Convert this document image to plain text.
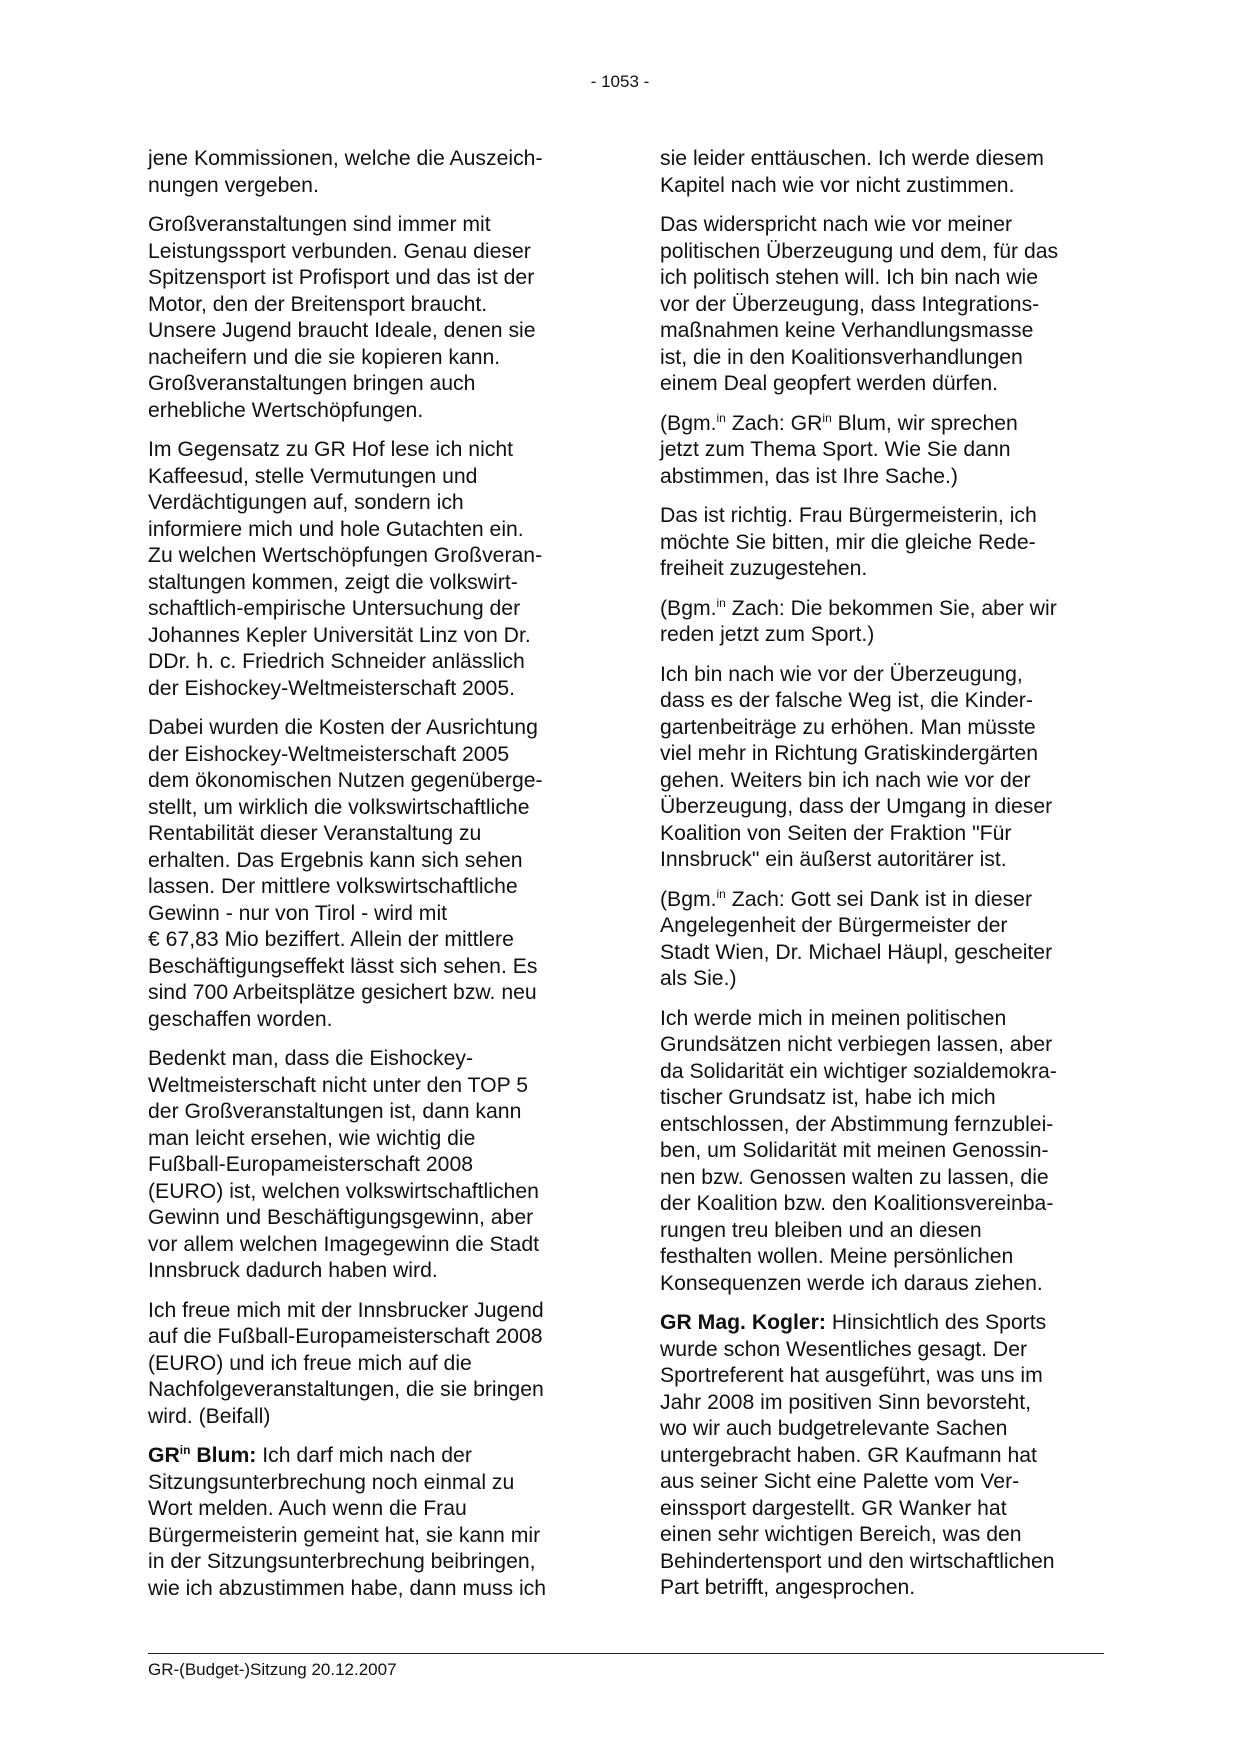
- 1053 -

jene Kommissionen, welche die Auszeich-
nungen vergeben.

Großveranstaltungen sind immer mit
Leistungssport verbunden. Genau dieser
Spitzensport ist Profisport und das ist der
Motor, den der Breitensport braucht.
Unsere Jugend braucht Ideale, denen sie
nacheifern und die sie kopieren kann.
Großveranstaltungen bringen auch
erhebliche Wertschöpfungen.

Im Gegensatz zu GR Hof lese ich nicht
Kaffeesud, stelle Vermutungen und
Verdächtigungen auf, sondern ich
informiere mich und hole Gutachten ein.
Zu welchen Wertschöpfungen Großveran-
staltungen kommen, zeigt die volkswirt-
schaftlich-empirische Untersuchung der
Johannes Kepler Universität Linz von Dr.
DDr. h. c. Friedrich Schneider anlässlich
der Eishockey-Weltmeisterschaft 2005.

Dabei wurden die Kosten der Ausrichtung
der Eishockey-Weltmeisterschaft 2005
dem ökonomischen Nutzen gegenüberge-
stellt, um wirklich die volkswirtschaftliche
Rentabilität dieser Veranstaltung zu
erhalten. Das Ergebnis kann sich sehen
lassen. Der mittlere volkswirtschaftliche
Gewinn - nur von Tirol - wird mit
€ 67,83 Mio beziffert. Allein der mittlere
Beschäftigungseffekt lässt sich sehen. Es
sind 700 Arbeitsplätze gesichert bzw. neu
geschaffen worden.

Bedenkt man, dass die Eishockey-
Weltmeisterschaft nicht unter den TOP 5
der Großveranstaltungen ist, dann kann
man leicht ersehen, wie wichtig die
Fußball-Europameisterschaft 2008
(EURO) ist, welchen volkswirtschaftlichen
Gewinn und Beschäftigungsgewinn, aber
vor allem welchen Imagegewinn die Stadt
Innsbruck dadurch haben wird.

Ich freue mich mit der Innsbrucker Jugend
auf die Fußball-Europameisterschaft 2008
(EURO) und ich freue mich auf die
Nachfolgeveranstaltungen, die sie bringen
wird. (Beifall)

$GR^{in}$ Blum: Ich darf mich nach der
Sitzungsunterbrechung noch einmal zu
Wort melden. Auch wenn die Frau
Bürgermeisterin gemeint hat, sie kann mir
in der Sitzungsunterbrechung beibringen,
wie ich abzustimmen habe, dann muss ich

sie leider enttäuschen. Ich werde diesem
Kapitel nach wie vor nicht zustimmen.

Das widerspricht nach wie vor meiner
politischen Überzeugung und dem, für das
ich politisch stehen will. Ich bin nach wie
vor der Überzeugung, dass Integrations-
maßnahmen keine Verhandlungsmasse
ist, die in den Koalitionsverhandlungen
einem Deal geopfert werden dürfen.

(Bgm.$^{in}$ Zach: $GR^{in}$ Blum, wir sprechen
jetzt zum Thema Sport. Wie Sie dann
abstimmen, das ist Ihre Sache.)

Das ist richtig. Frau Bürgermeisterin, ich
möchte Sie bitten, mir die gleiche Rede-
freiheit zuzugestehen.

(Bgm.$^{in}$ Zach: Die bekommen Sie, aber wir
reden jetzt zum Sport.)

Ich bin nach wie vor der Überzeugung,
dass es der falsche Weg ist, die Kinder-
gartenbeiträge zu erhöhen. Man müsste
viel mehr in Richtung Gratiskindergärten
gehen. Weiters bin ich nach wie vor der
Überzeugung, dass der Umgang in dieser
Koalition von Seiten der Fraktion "Für
Innsbruck" ein äußerst autoritärer ist.

(Bgm.$^{in}$ Zach: Gott sei Dank ist in dieser
Angelegenheit der Bürgermeister der
Stadt Wien, Dr. Michael Häupl, gescheiter
als Sie.)

Ich werde mich in meinen politischen
Grundsätzen nicht verbiegen lassen, aber
da Solidarität ein wichtiger sozialdemokra-
tischer Grundsatz ist, habe ich mich
entschlossen, der Abstimmung fernzublei-
ben, um Solidarität mit meinen Genossin-
nen bzw. Genossen walten zu lassen, die
der Koalition bzw. den Koalitionsvereinba-
rungen treu bleiben und an diesen
festhalten wollen. Meine persönlichen
Konsequenzen werde ich daraus ziehen.

GR Mag. Kogler: Hinsichtlich des Sports
wurde schon Wesentliches gesagt. Der
Sportreferent hat ausgeführt, was uns im
Jahr 2008 im positiven Sinn bevorsteht,
wo wir auch budgetrelevante Sachen
untergebracht haben. GR Kaufmann hat
aus seiner Sicht eine Palette vom Ver-
einssport dargestellt. GR Wanker hat
einen sehr wichtigen Bereich, was den
Behindertensport und den wirtschaftlichen
Part betrifft, angesprochen.

GR-(Budget-)Sitzung 20.12.2007
